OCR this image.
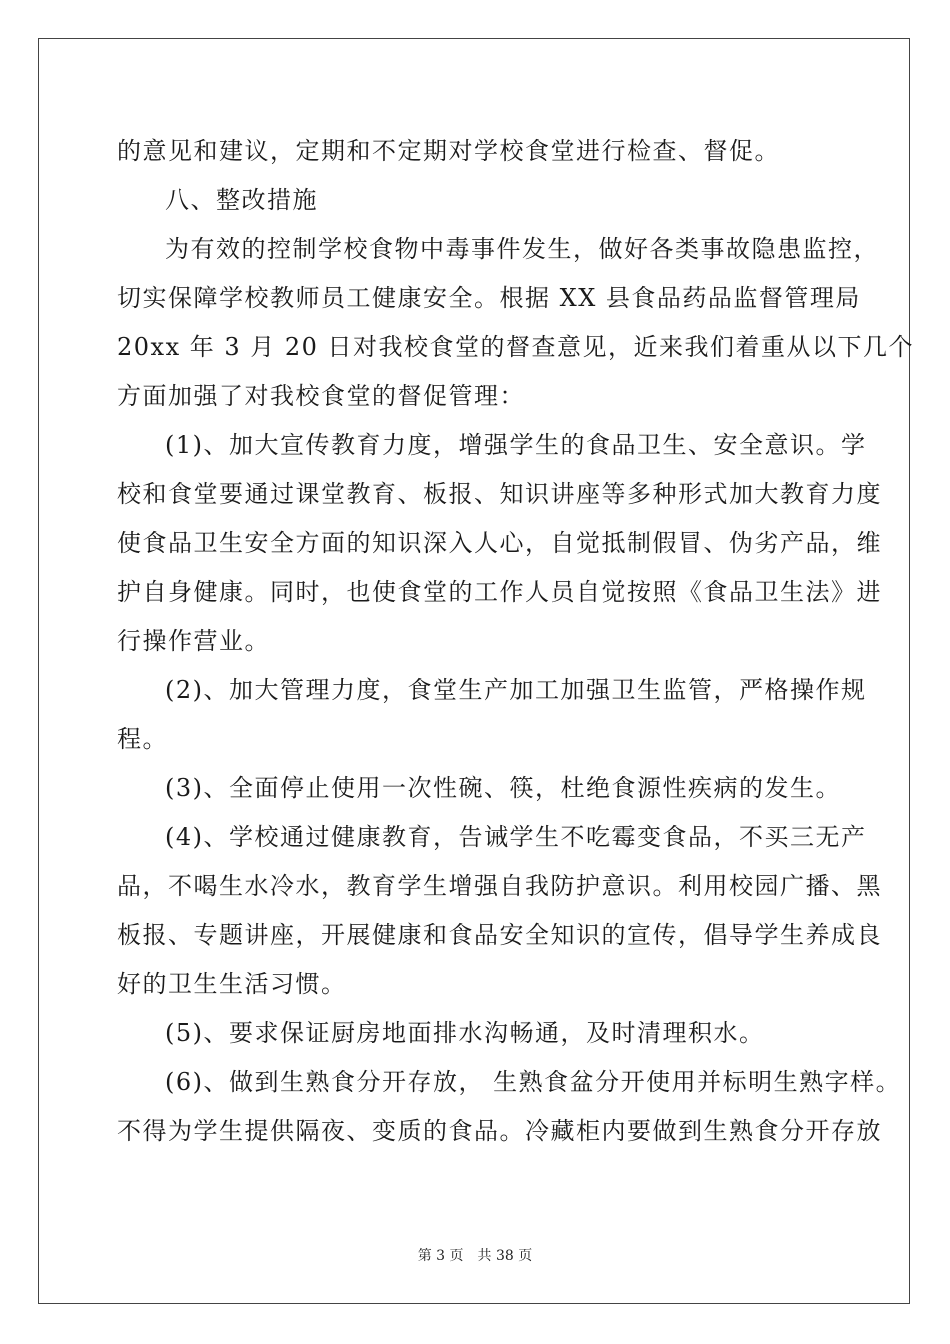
的意见和建议，定期和不定期对学校食堂进行检查、督促。
八、整改措施
为有效的控制学校食物中毒事件发生，做好各类事故隐患监控，
切实保障学校教师员工健康安全。根据 XX 县食品药品监督管理局
20xx 年 3 月 20 日对我校食堂的督查意见，近来我们着重从以下几个
方面加强了对我校食堂的督促管理：
(1)、加大宣传教育力度，增强学生的食品卫生、安全意识。学
校和食堂要通过课堂教育、板报、知识讲座等多种形式加大教育力度
使食品卫生安全方面的知识深入人心，自觉抵制假冒、伪劣产品，维
护自身健康。同时，也使食堂的工作人员自觉按照《食品卫生法》进
行操作营业。
(2)、加大管理力度，食堂生产加工加强卫生监管，严格操作规
程。
(3)、全面停止使用一次性碗、筷，杜绝食源性疾病的发生。
(4)、学校通过健康教育，告诫学生不吃霉变食品，不买三无产
品，不喝生水冷水，教育学生增强自我防护意识。利用校园广播、黑
板报、专题讲座，开展健康和食品安全知识的宣传，倡导学生养成良
好的卫生生活习惯。
(5)、要求保证厨房地面排水沟畅通，及时清理积水。
(6)、做到生熟食分开存放， 生熟食盆分开使用并标明生熟字样。
不得为学生提供隔夜、变质的食品。冷藏柜内要做到生熟食分开存放
第 3 页　共 38 页
